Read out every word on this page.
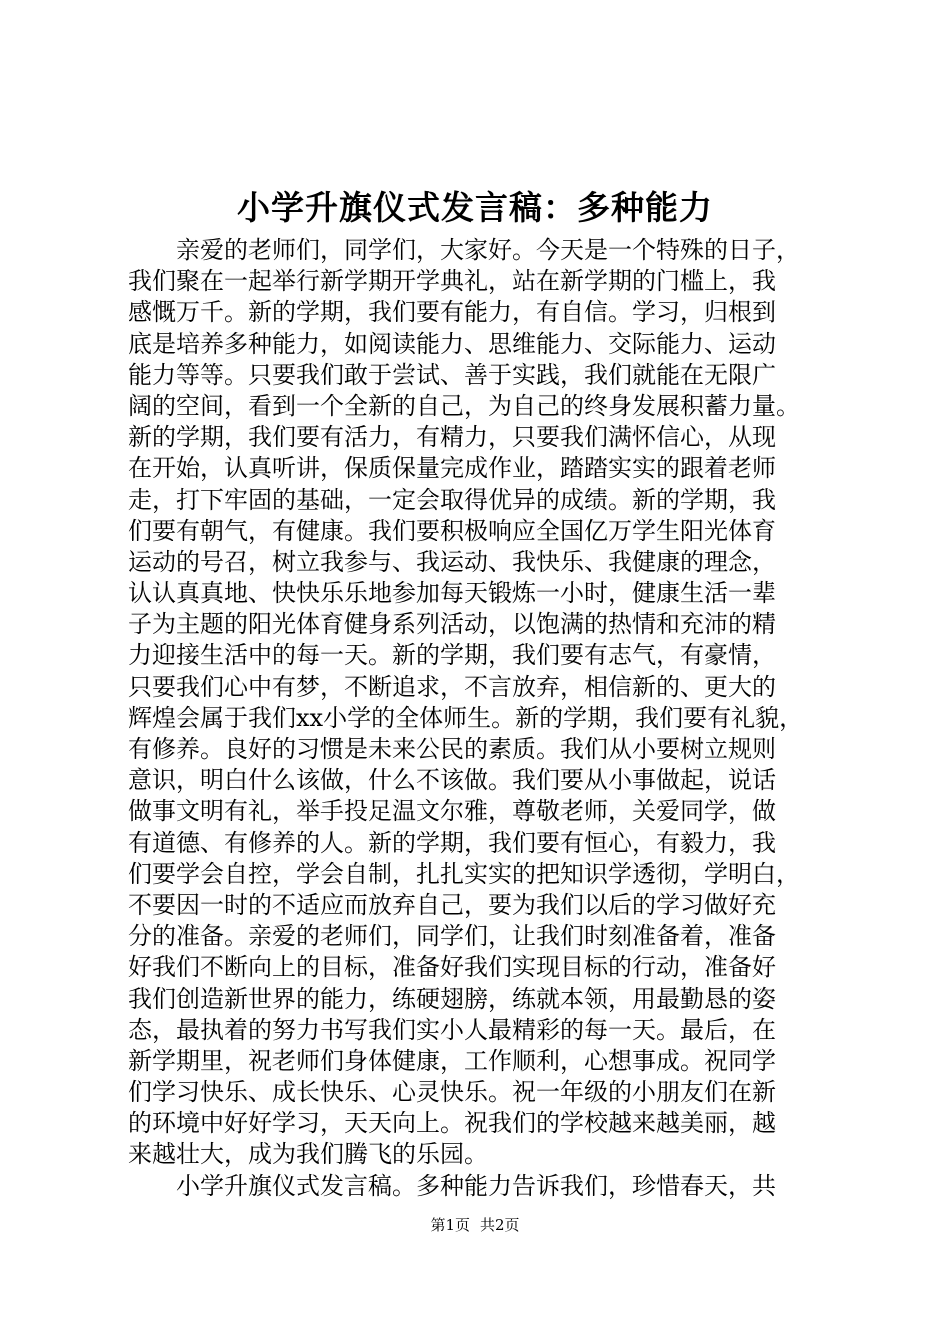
小学升旗仪式发言稿：多种能力
亲爱的老师们，同学们，大家好。今天是一个特殊的日子，
我们聚在一起举行新学期开学典礼，站在新学期的门槛上，我
感慨万千。新的学期，我们要有能力，有自信。学习，归根到
底是培养多种能力，如阅读能力、思维能力、交际能力、运动
能力等等。只要我们敢于尝试、善于实践，我们就能在无限广
阔的空间，看到一个全新的自己，为自己的终身发展积蓄力量。
新的学期，我们要有活力，有精力，只要我们满怀信心，从现
在开始，认真听讲，保质保量完成作业，踏踏实实的跟着老师
走，打下牢固的基础，一定会取得优异的成绩。新的学期，我
们要有朝气，有健康。我们要积极响应全国亿万学生阳光体育
运动的号召，树立我参与、我运动、我快乐、我健康的理念，
认认真真地、快快乐乐地参加每天锻炼一小时，健康生活一辈
子为主题的阳光体育健身系列活动，以饱满的热情和充沛的精
力迎接生活中的每一天。新的学期，我们要有志气，有豪情，
只要我们心中有梦，不断追求，不言放弃，相信新的、更大的
辉煌会属于我们xx小学的全体师生。新的学期，我们要有礼貌，
有修养。良好的习惯是未来公民的素质。我们从小要树立规则
意识，明白什么该做，什么不该做。我们要从小事做起，说话
做事文明有礼，举手投足温文尔雅，尊敬老师，关爱同学，做
有道德、有修养的人。新的学期，我们要有恒心，有毅力，我
们要学会自控，学会自制，扎扎实实的把知识学透彻，学明白，
不要因一时的不适应而放弃自己，要为我们以后的学习做好充
分的准备。亲爱的老师们，同学们，让我们时刻准备着，准备
好我们不断向上的目标，准备好我们实现目标的行动，准备好
我们创造新世界的能力，练硬翅膀，练就本领，用最勤恳的姿
态，最执着的努力书写我们实小人最精彩的每一天。最后，在
新学期里，祝老师们身体健康，工作顺利，心想事成。祝同学
们学习快乐、成长快乐、心灵快乐。祝一年级的小朋友们在新
的环境中好好学习，天天向上。祝我们的学校越来越美丽，越
来越壮大，成为我们腾飞的乐园。
小学升旗仪式发言稿。多种能力告诉我们，珍惜春天，共
第1页 共2页
